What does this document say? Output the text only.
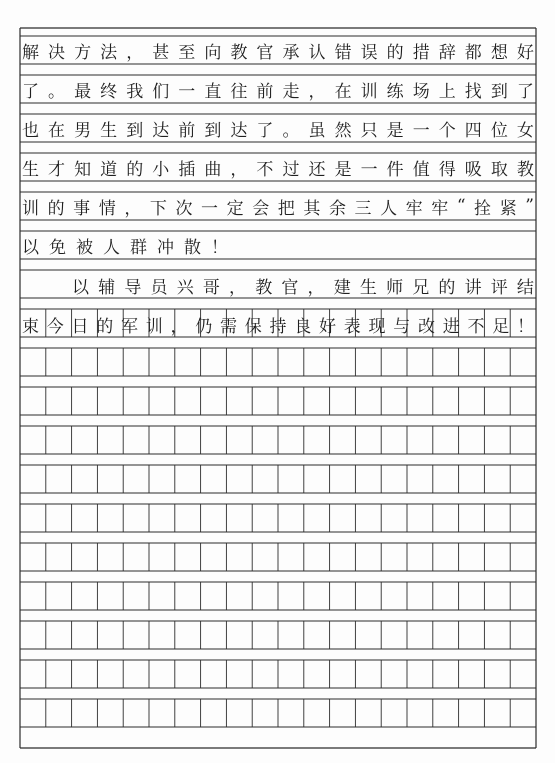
解 决 方 法 ， 甚 至 向 教 官 承 认 错 误 的 措 辞 都 想 好
了 。 最 终 我 们 一 直 往 前 走 ， 在 训 练 场 上 找 到 了
也 在 男 生 到 达 前 到 达 了 。 虽 然 只 是 一 个 四 位 女
生 才 知 道 的 小 插 曲 ， 不 过 还 是 一 件 值 得 吸 取 教
训 的 事 情 ， 下 次 一 定 会 把 其 余 三 人 牢 牢 “ 拴 紧 ”
以 免 被 人 群 冲 散 ！
以 辅 导 员 兴 哥 ， 教 官 ， 建 生 师 兄 的 讲 评 结
束 今 日 的 军 训 ， 仍 需 保 持 良 好 表 现 与 改 进 不 足 ！
